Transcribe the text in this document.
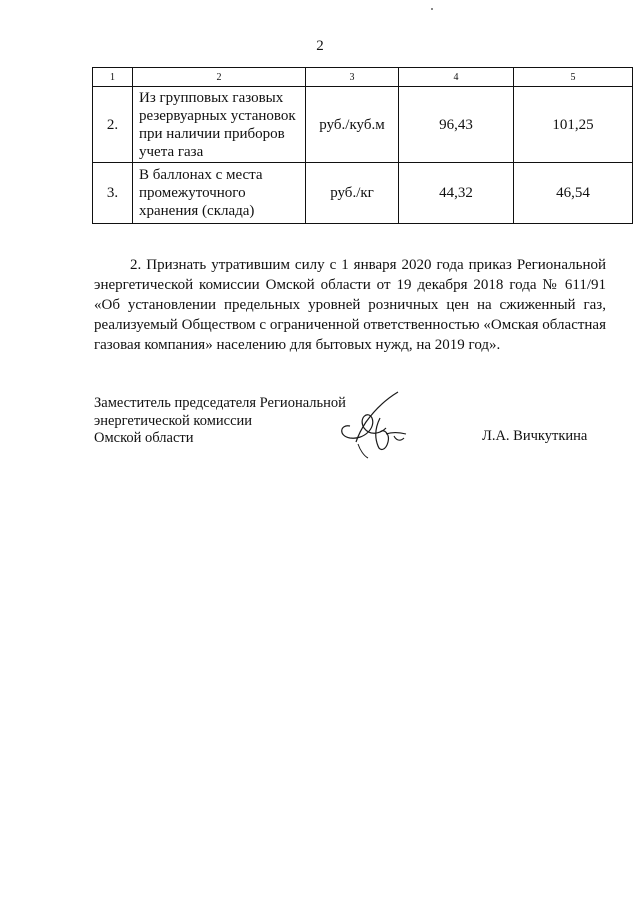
2
1	2	3	4	5
2.	Из групповых газовых резервуарных установок при наличии приборов учета газа	руб./куб.м	96,43	101,25
3.	В баллонах с места промежуточного хранения (склада)	руб./кг	44,32	46,54

2. Признать утратившим силу с 1 января 2020 года приказ Региональной энергетической комиссии Омской области от 19 декабря 2018 года № 611/91 «Об установлении предельных уровней розничных цен на сжиженный газ, реализуемый Обществом с ограниченной ответственностью «Омская областная газовая компания» населению для бытовых нужд, на 2019 год».

Заместитель председателя Региональной
энергетической комиссии
Омской области	Л.А. Вичкуткина
